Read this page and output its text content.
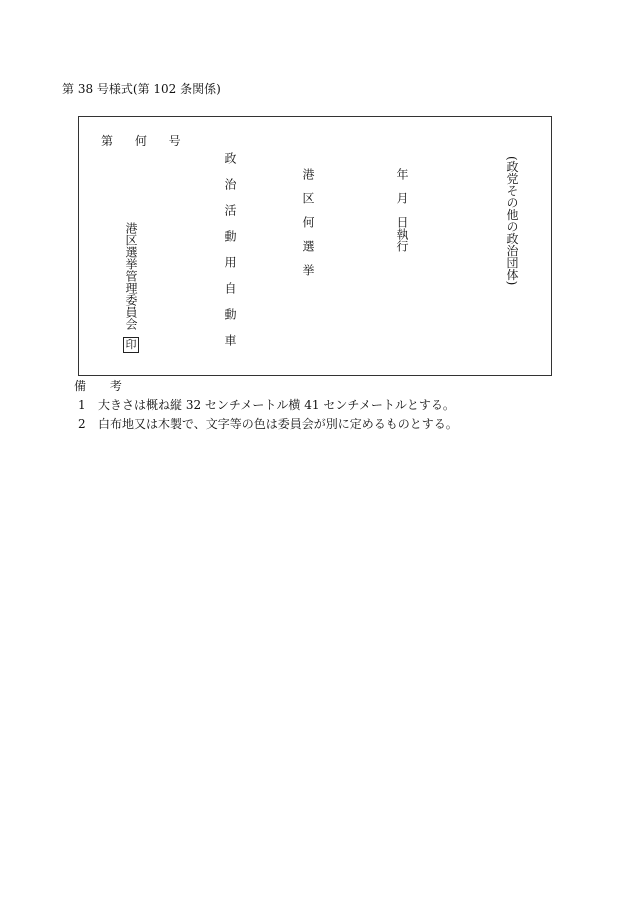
第 38 号様式(第 102 条関係)
第 何 号
港区選挙管理委員会
印	政治活動用自動車	港区何選挙	年月
日執行	(政党その他の政治団体)
備 考
1 大きさは概ね縦 32 センチメートル横 41 センチメートルとする。
2 白布地又は木製で、文字等の色は委員会が別に定めるものとする。
